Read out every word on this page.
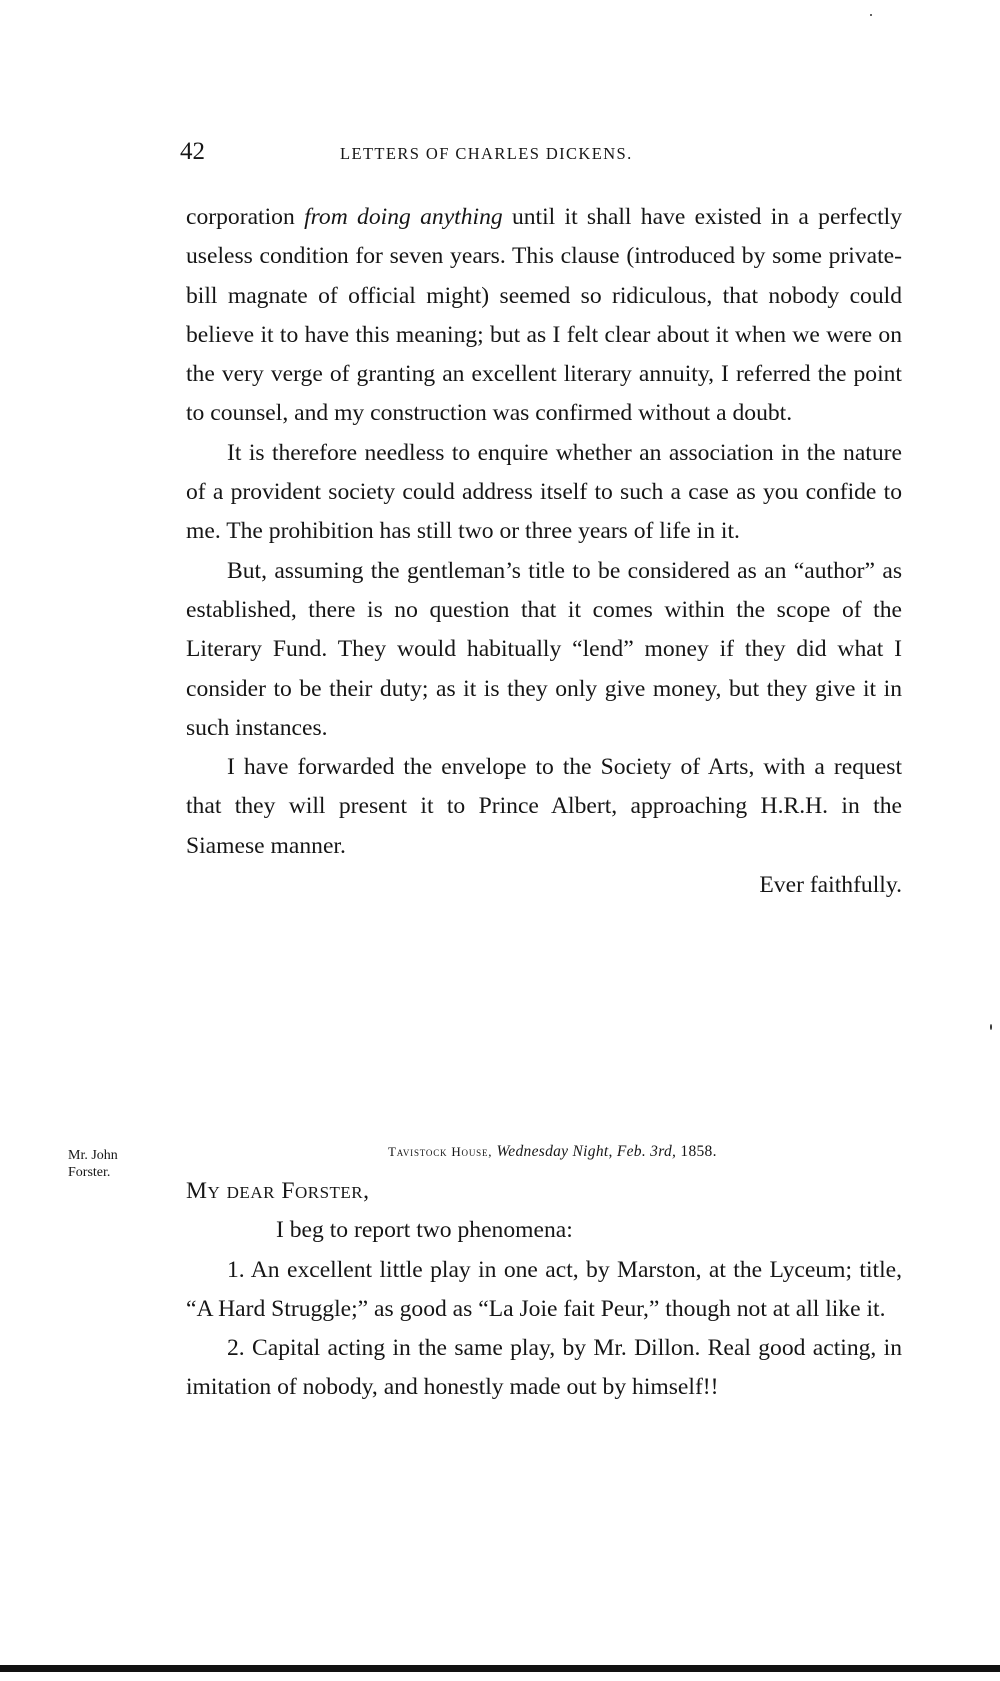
42	LETTERS OF CHARLES DICKENS.

corporation from doing anything until it shall have existed in a perfectly useless condition for seven years. This clause (introduced by some private-bill magnate of official might) seemed so ridiculous, that nobody could believe it to have this meaning; but as I felt clear about it when we were on the very verge of granting an excellent literary annuity, I referred the point to counsel, and my construction was confirmed without a doubt.

It is therefore needless to enquire whether an association in the nature of a provident society could address itself to such a case as you confide to me. The prohibition has still two or three years of life in it.

But, assuming the gentleman’s title to be considered as an “author” as established, there is no question that it comes within the scope of the Literary Fund. They would habitually “lend” money if they did what I consider to be their duty; as it is they only give money, but they give it in such instances.

I have forwarded the envelope to the Society of Arts, with a request that they will present it to Prince Albert, approaching H.R.H. in the Siamese manner.

Ever faithfully.

Mr. John
Forster.
Tavistock House, Wednesday Night, Feb. 3rd, 1858.

My dear Forster,

I beg to report two phenomena:

1. An excellent little play in one act, by Marston, at the Lyceum; title, “A Hard Struggle;” as good as “La Joie fait Peur,” though not at all like it.

2. Capital acting in the same play, by Mr. Dillon. Real good acting, in imitation of nobody, and honestly made out by himself!!
